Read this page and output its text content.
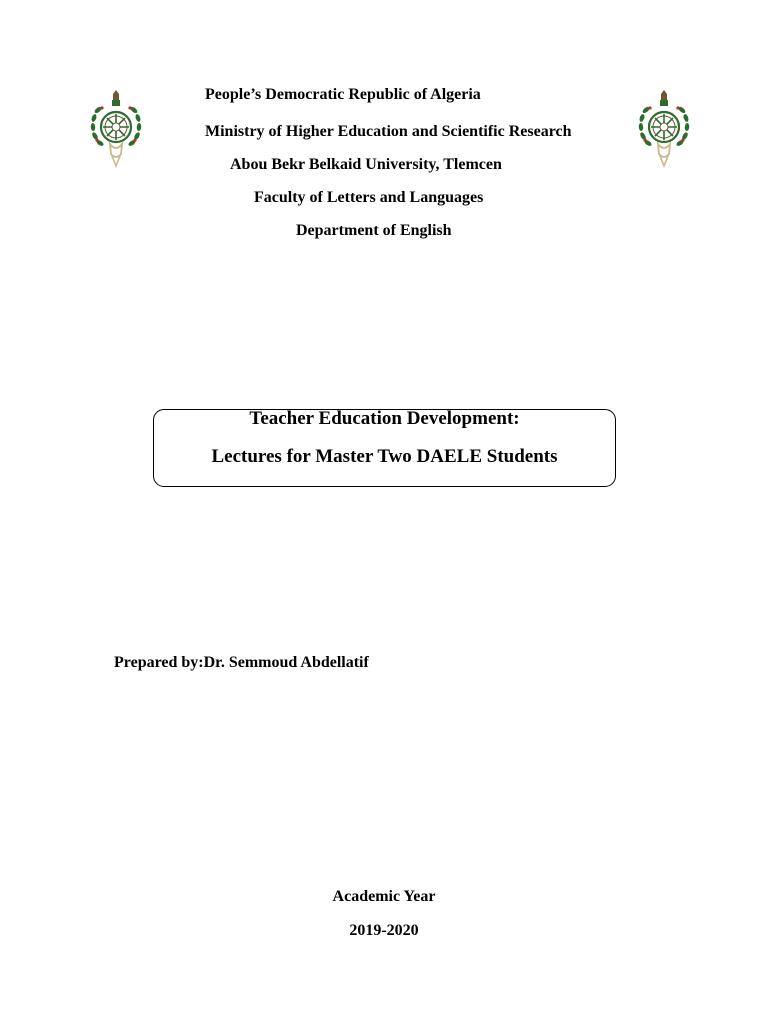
People’s Democratic Republic of Algeria
Ministry of Higher Education and Scientific Research
Abou Bekr Belkaid University, Tlemcen
Faculty of Letters and Languages
Department of English
Teacher Education Development:
Lectures for Master Two DAELE Students
Prepared by:Dr. Semmoud Abdellatif
Academic Year
2019-2020
